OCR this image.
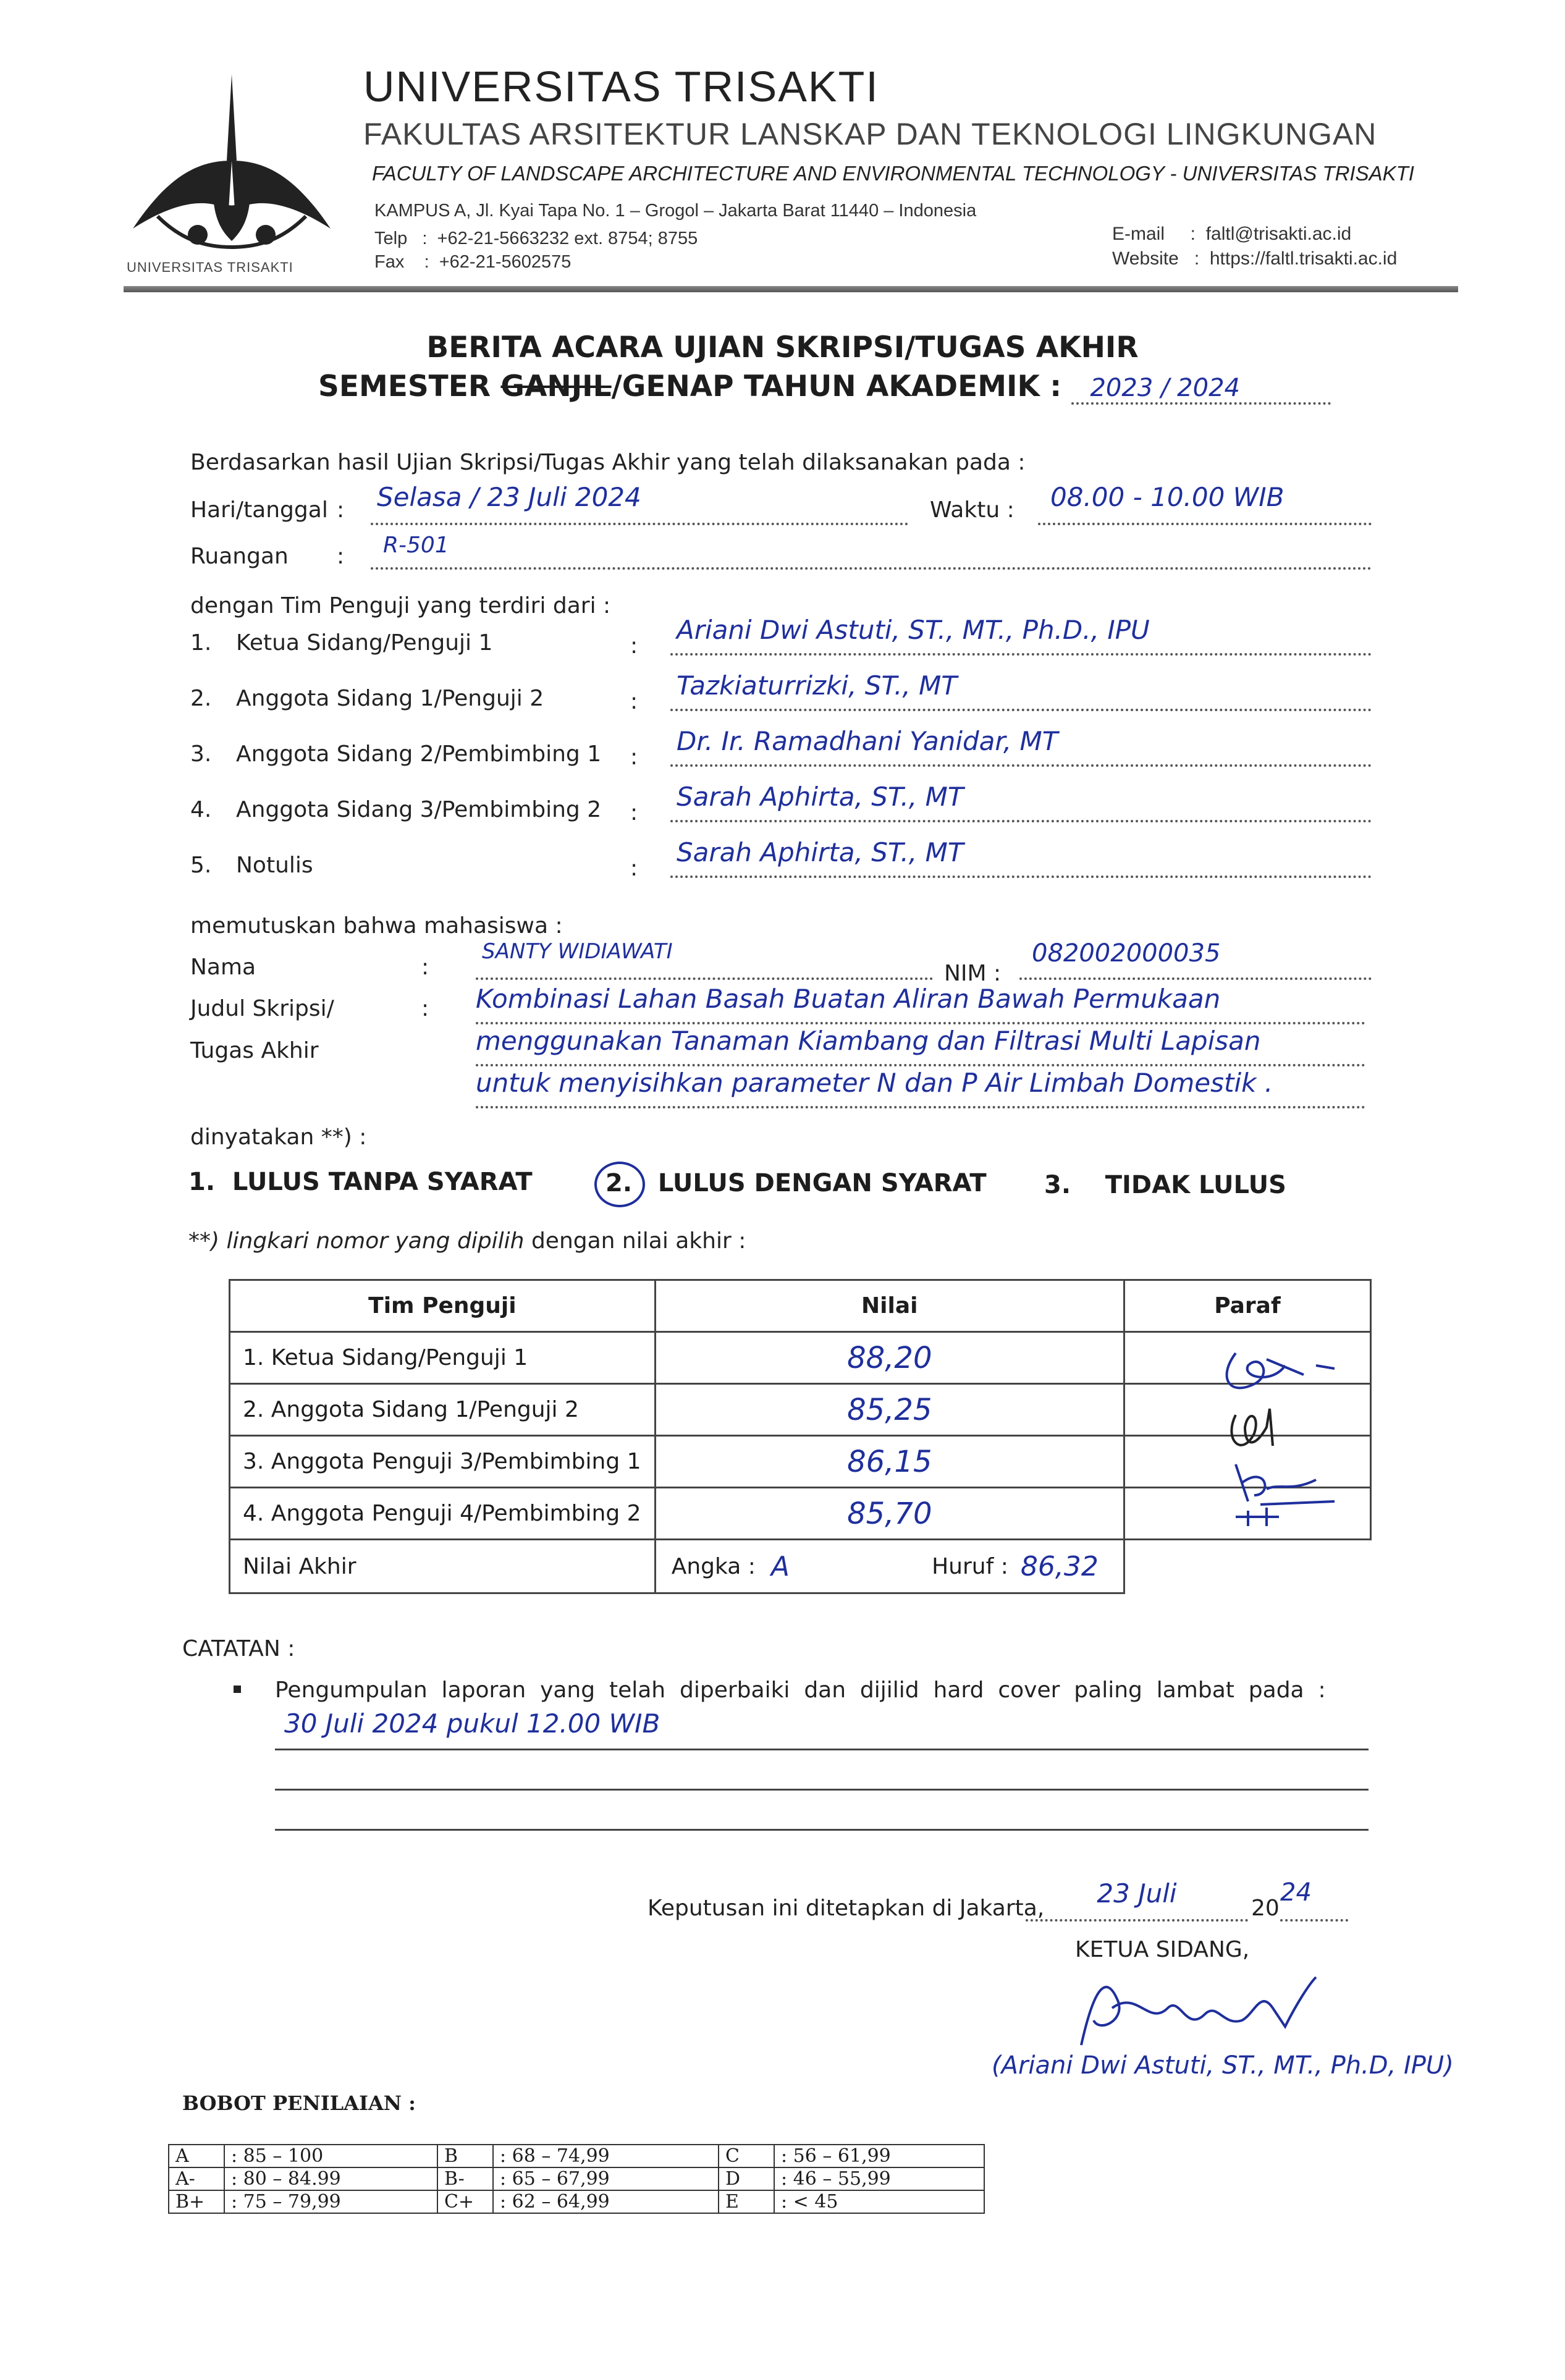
UNIVERSITAS TRISAKTI
UNIVERSITAS TRISAKTI
FAKULTAS ARSITEKTUR LANSKAP DAN TEKNOLOGI LINGKUNGAN
FACULTY OF LANDSCAPE ARCHITECTURE AND ENVIRONMENTAL TECHNOLOGY - UNIVERSITAS TRISAKTI
KAMPUS A, Jl. Kyai Tapa No. 1 – Grogol – Jakarta Barat 11440 – Indonesia
Telp   :  +62-21-5663232 ext. 8754; 8755
Fax    :  +62-21-5602575
E-mail     :  faltl@trisakti.ac.id
Website   :  https://faltl.trisakti.ac.id
BERITA ACARA UJIAN SKRIPSI/TUGAS AKHIR
SEMESTER GANJIL/GENAP TAHUN AKADEMIK : 2023 / 2024
Berdasarkan hasil Ujian Skripsi/Tugas Akhir yang telah dilaksanakan pada :
Hari/tanggal : Selasa / 23 Juli 2024	Waktu :	08.00 - 10.00 WIB
Ruangan :	R-501
dengan Tim Penguji yang terdiri dari :
1. Ketua Sidang/Penguji 1	:
Ariani Dwi Astuti, ST., MT., Ph.D., IPU
2. Anggota Sidang 1/Penguji 2	:
Tazkiaturrizki, ST., MT
3. Anggota Sidang 2/Pembimbing 1 :
Dr. Ir. Ramadhani Yanidar, MT
4. Anggota Sidang 3/Pembimbing 2 :
Sarah Aphirta, ST., MT
5. Notulis	:
Sarah Aphirta, ST., MT
memutuskan bahwa mahasiswa :
Nama	:
SANTY WIDIAWATI
NIM :
082002000035
Judul Skripsi/	:
Tugas Akhir
Kombinasi Lahan Basah Buatan Aliran Bawah Permukaan
menggunakan Tanaman Kiambang dan Filtrasi Multi Lapisan
untuk menyisihkan parameter N dan P Air Limbah Domestik .
dinyatakan **) :
1. LULUS TANPA SYARAT	2. LULUS DENGAN SYARAT 3. TIDAK LULUS
**) lingkari nomor yang dipilih dengan nilai akhir :
Tim Penguji	Nilai	Paraf
1. Ketua Sidang/Penguji 1	88,20	
2. Anggota Sidang 1/Penguji 2	85,25	
3. Anggota Penguji 3/Pembimbing 1	86,15	
4. Anggota Penguji 4/Pembimbing 2	85,70	
Nilai Akhir	Angka : A Huruf : 86,32	

CATATAN :
Pengumpulan  laporan  yang  telah  diperbaiki  dan  dijilid  hard  cover  paling  lambat  pada  :
30 Juli 2024 pukul 12.00 WIB
Keputusan ini ditetapkan di Jakarta,	23 Juli	20
24
KETUA SIDANG,
(Ariani Dwi Astuti, ST., MT., Ph.D, IPU)
BOBOT PENILAIAN :
A	: 85 – 100	B	: 68 – 74,99	C	: 56 – 61,99
A-	: 80 – 84.99	B-	: 65 – 67,99	D	: 46 – 55,99
B+	: 75 – 79,99	C+	: 62 – 64,99	E	: < 45
